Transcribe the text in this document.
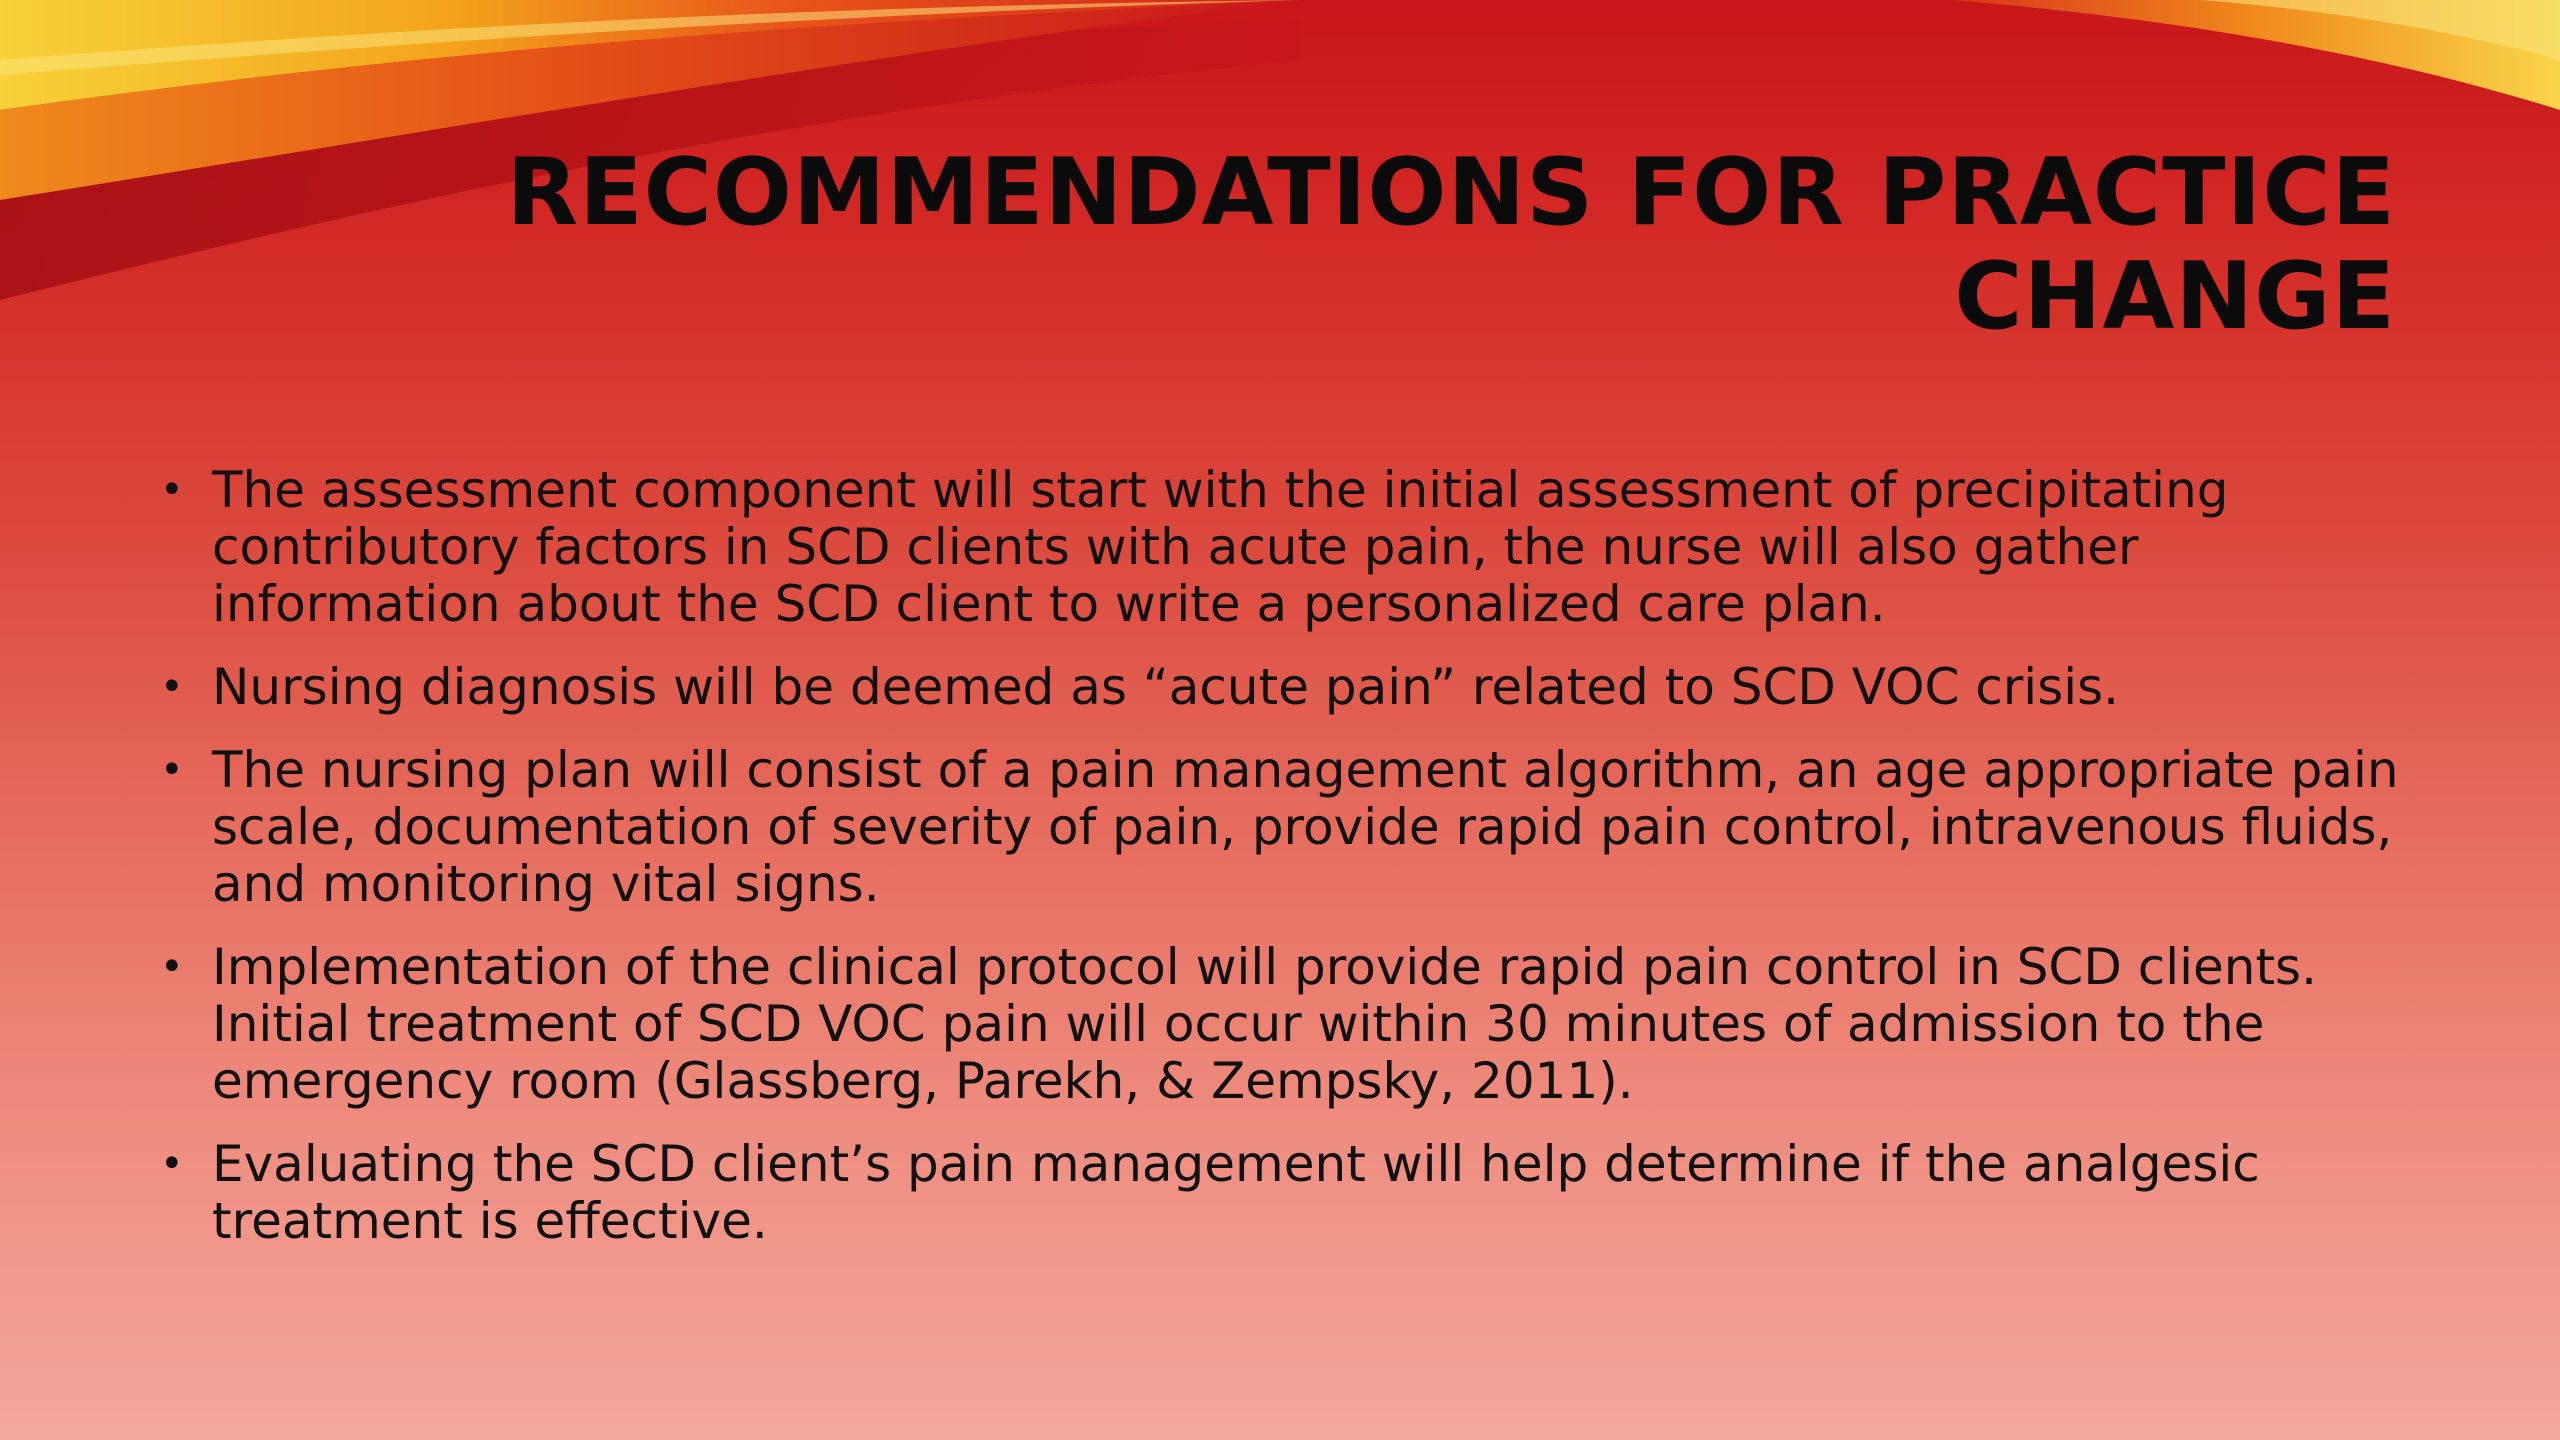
RECOMMENDATIONS FOR PRACTICE
CHANGE
• The assessment component will start with the initial assessment of precipitating contributory factors in SCD clients with acute pain, the nurse will also gather information about the SCD client to write a personalized care plan.
• Nursing diagnosis will be deemed as “acute pain” related to SCD VOC crisis.
• The nursing plan will consist of a pain management algorithm, an age appropriate pain scale, documentation of severity of pain, provide rapid pain control, intravenous fluids, and monitoring vital signs.
• Implementation of the clinical protocol will provide rapid pain control in SCD clients. Initial treatment of SCD VOC pain will occur within 30 minutes of admission to the emergency room (Glassberg, Parekh, & Zempsky, 2011).
• Evaluating the SCD client’s pain management will help determine if the analgesic treatment is effective.
